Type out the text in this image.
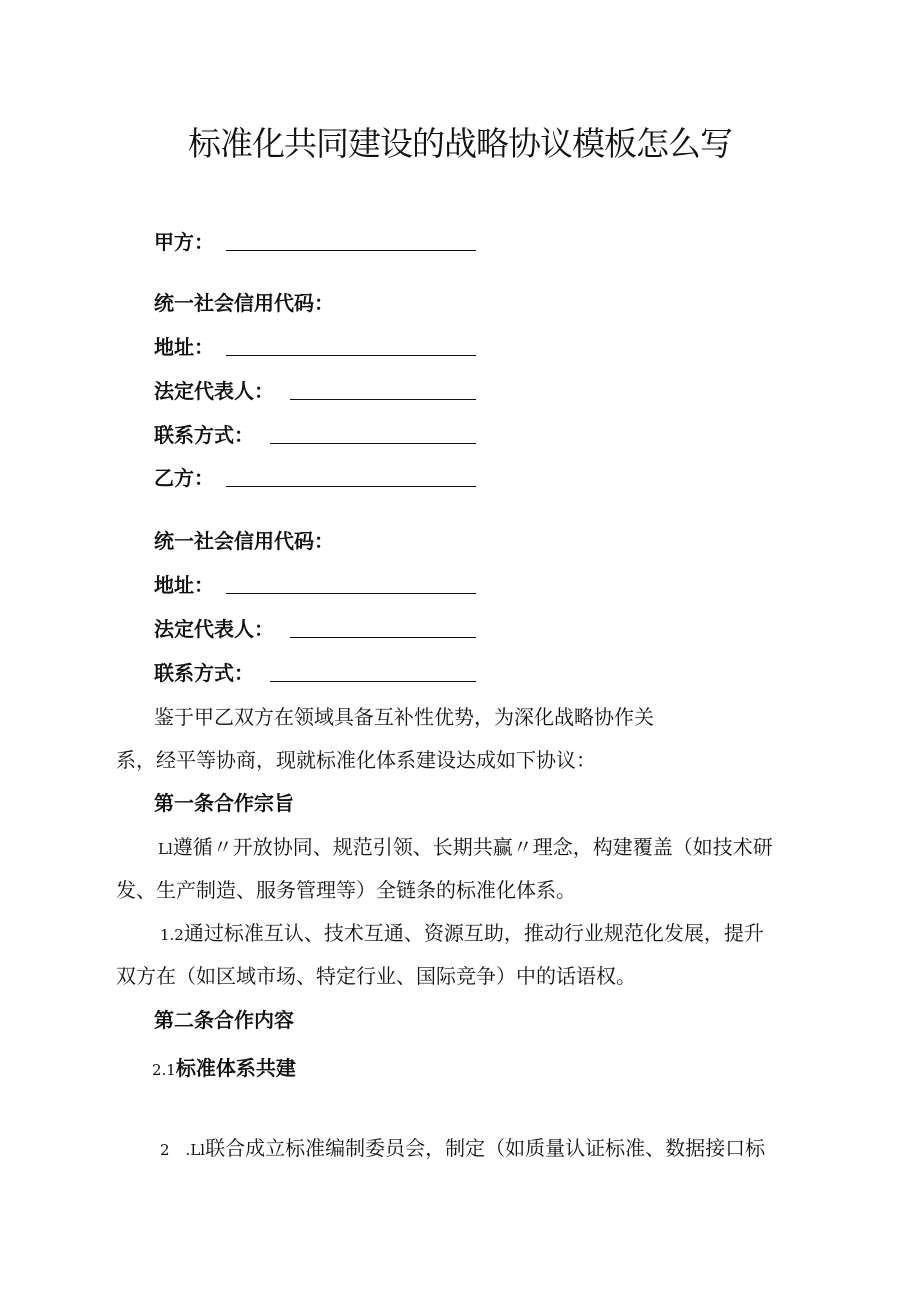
标准化共同建设的战略协议模板怎么写
甲方：
统一社会信用代码：
地址：
法定代表人：
联系方式：
乙方：
统一社会信用代码：
地址：
法定代表人：
联系方式：
鉴于甲乙双方在领域具备互补性优势，为深化战略协作关
系，经平等协商，现就标准化体系建设达成如下协议：
第一条合作宗旨
Ll遵循〃开放协同、规范引领、长期共赢〃理念，构建覆盖（如技术研
发、生产制造、服务管理等）全链条的标准化体系。
1.2通过标准互认、技术互通、资源互助，推动行业规范化发展，提升
双方在（如区域市场、特定行业、国际竞争）中的话语权。
第二条合作内容
2.1标准体系共建
2 .Ll联合成立标准编制委员会，制定（如质量认证标准、数据接口标
